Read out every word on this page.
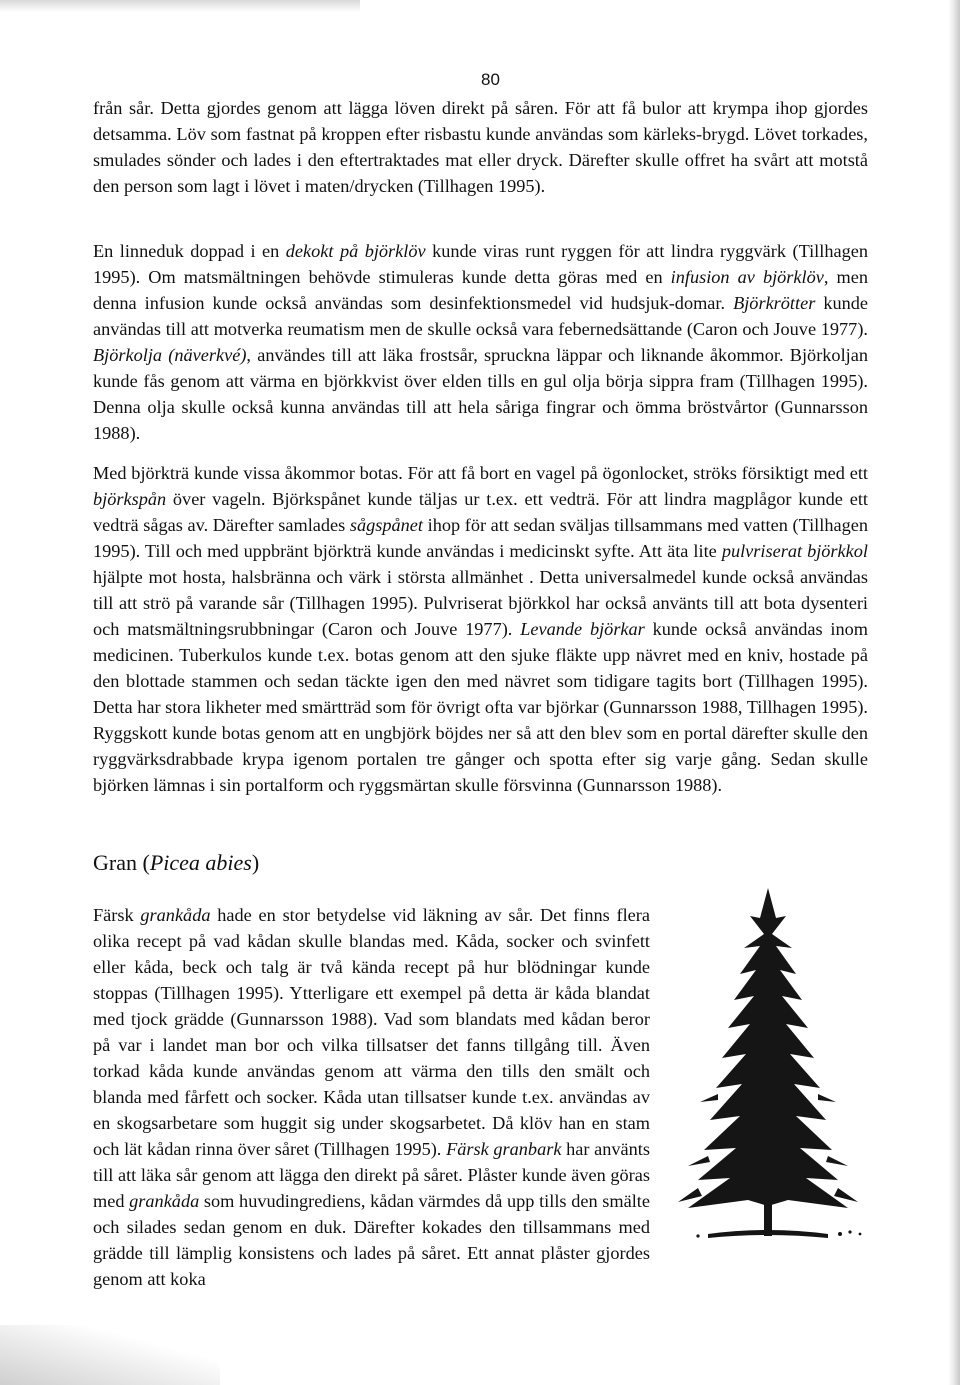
80

från sår. Detta gjordes genom att lägga löven direkt på såren. För att få bulor att krympa ihop gjordes detsamma. Löv som fastnat på kroppen efter risbastu kunde användas som kärleks-brygd. Lövet torkades, smulades sönder och lades i den eftertraktades mat eller dryck. Därefter skulle offret ha svårt att motstå den person som lagt i lövet i maten/drycken (Tillhagen 1995).

En linneduk doppad i en dekokt på björklöv kunde viras runt ryggen för att lindra ryggvärk (Tillhagen 1995). Om matsmältningen behövde stimuleras kunde detta göras med en infusion av björklöv, men denna infusion kunde också användas som desinfektionsmedel vid hudsjuk-domar. Björkrötter kunde användas till att motverka reumatism men de skulle också vara febernedsättande (Caron och Jouve 1977). Björkolja (näverkvé), användes till att läka frostsår, spruckna läppar och liknande åkommor. Björkoljan kunde fås genom att värma en björkkvist över elden tills en gul olja börja sippra fram (Tillhagen 1995). Denna olja skulle också kunna användas till att hela såriga fingrar och ömma bröstvårtor (Gunnarsson 1988).

Med björkträ kunde vissa åkommor botas. För att få bort en vagel på ögonlocket, ströks försiktigt med ett björkspån över vageln. Björkspånet kunde täljas ur t.ex. ett vedträ. För att lindra magplågor kunde ett vedträ sågas av. Därefter samlades sågspånet ihop för att sedan sväljas tillsammans med vatten (Tillhagen 1995). Till och med uppbränt björkträ kunde användas i medicinskt syfte. Att äta lite pulvriserat björkkol hjälpte mot hosta, halsbränna och värk i största allmänhet . Detta universalmedel kunde också användas till att strö på varande sår (Tillhagen 1995). Pulvriserat björkkol har också använts till att bota dysenteri och matsmältningsrubbningar (Caron och Jouve 1977). Levande björkar kunde också användas inom medicinen. Tuberkulos kunde t.ex. botas genom att den sjuke fläkte upp nävret med en kniv, hostade på den blottade stammen och sedan täckte igen den med nävret som tidigare tagits bort (Tillhagen 1995). Detta har stora likheter med smärtträd som för övrigt ofta var björkar (Gunnarsson 1988, Tillhagen 1995). Ryggskott kunde botas genom att en ungbjörk böjdes ner så att den blev som en portal därefter skulle den ryggvärksdrabbade krypa igenom portalen tre gånger och spotta efter sig varje gång. Sedan skulle björken lämnas i sin portalform och ryggsmärtan skulle försvinna (Gunnarsson 1988).

Gran (Picea abies)

Färsk grankåda hade en stor betydelse vid läkning av sår. Det finns flera olika recept på vad kådan skulle blandas med. Kåda, socker och svinfett eller kåda, beck och talg är två kända recept på hur blödningar kunde stoppas (Tillhagen 1995). Ytterligare ett exempel på detta är kåda blandat med tjock grädde (Gunnarsson 1988). Vad som blandats med kådan beror på var i landet man bor och vilka tillsatser det fanns tillgång till. Även torkad kåda kunde användas genom att värma den tills den smält och blanda med fårfett och socker. Kåda utan tillsatser kunde t.ex. användas av en skogsarbetare som huggit sig under skogsarbetet. Då klöv han en stam och lät kådan rinna över såret (Tillhagen 1995). Färsk granbark har använts till att läka sår genom att lägga den direkt på såret. Plåster kunde även göras med grankåda som huvudingrediens, kådan värmdes då upp tills den smälte och silades sedan genom en duk. Därefter kokades den tillsammans med grädde till lämplig konsistens och lades på såret. Ett annat plåster gjordes genom att koka
